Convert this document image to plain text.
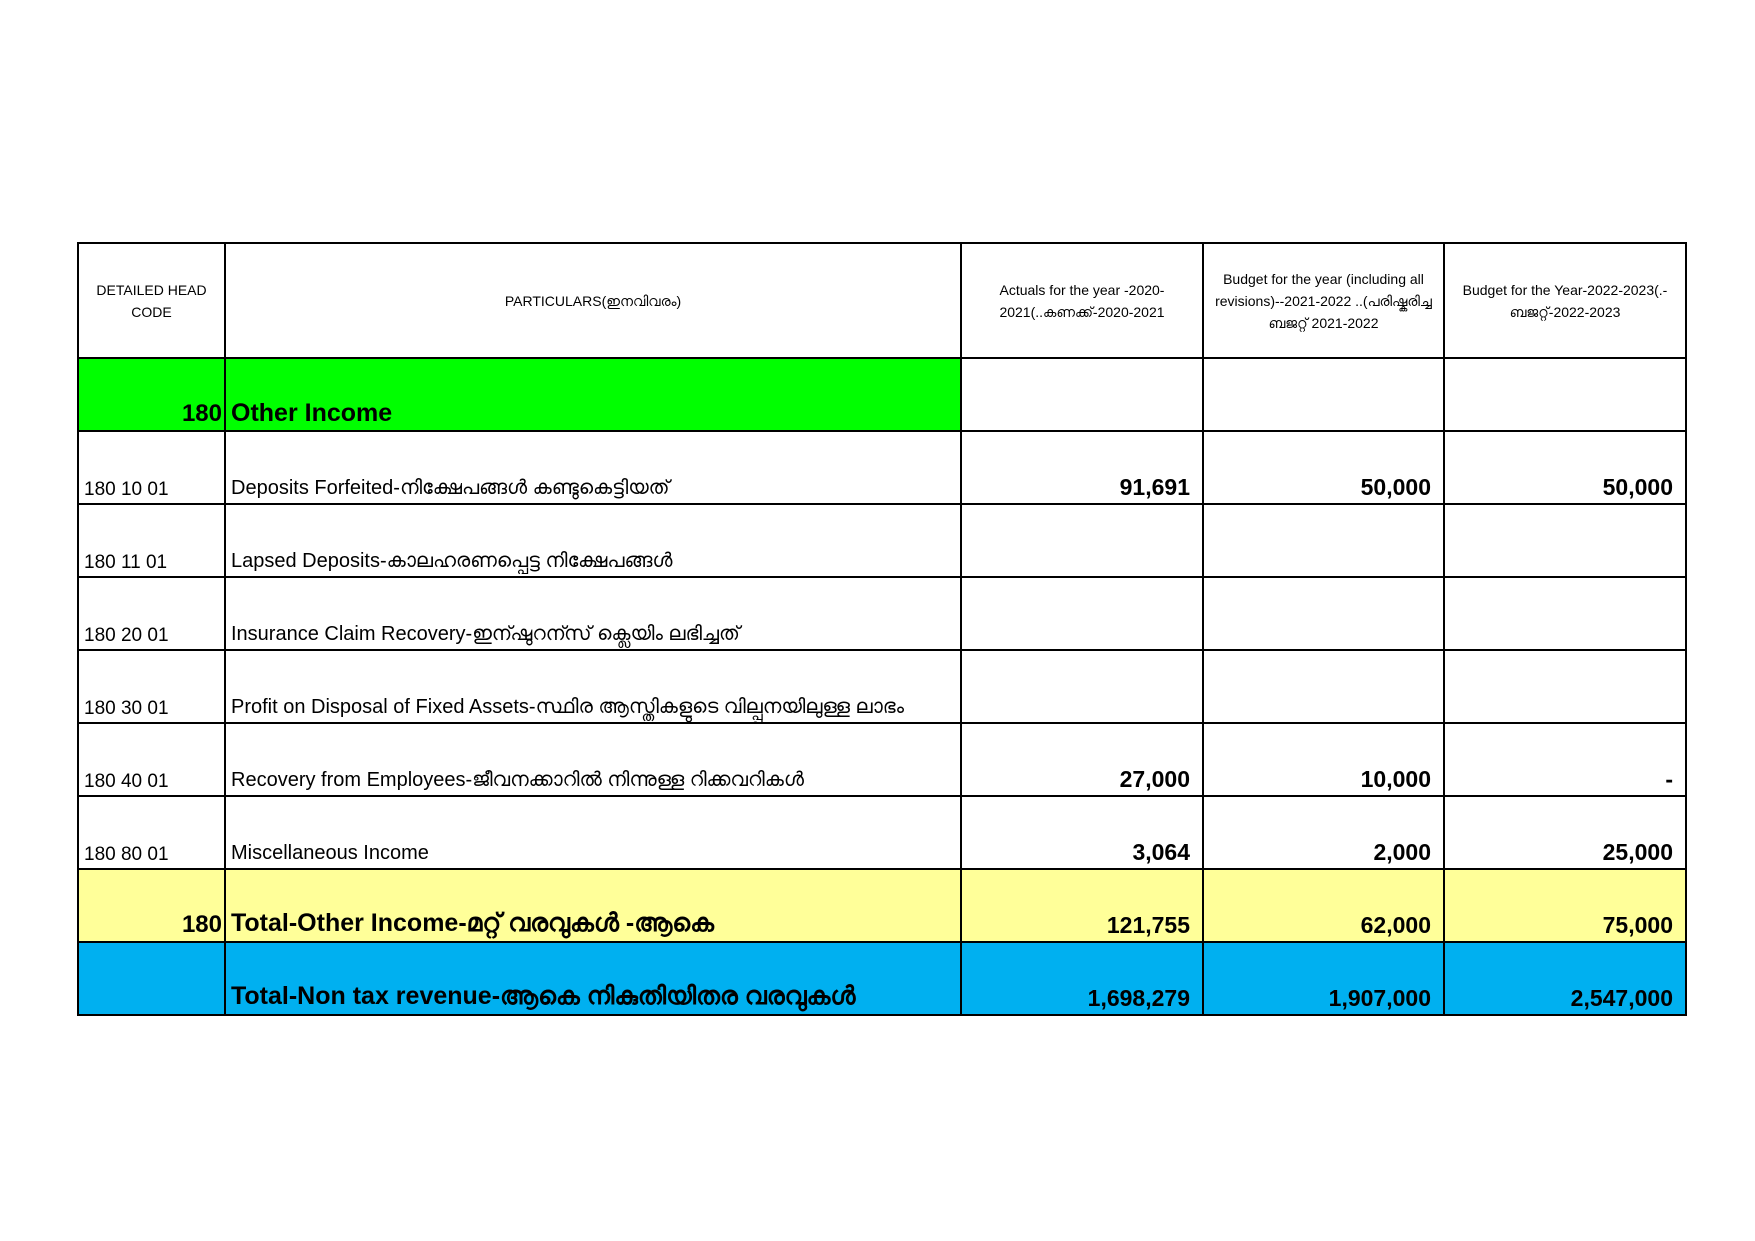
DETAILED HEAD CODE	PARTICULARS(ഇനവിവരം)	Actuals for the year -2020-2021(..കണക്ക്-2020-2021	Budget for the year (including all revisions)--2021-2022 ..(പരിഷ്കരിച്ച ബജറ്റ് 2021-2022	Budget for the Year-2022-2023(.-ബജറ്റ്-2022-2023
180	Other Income			
180 10 01	Deposits Forfeited-നിക്ഷേപങ്ങൾ കണ്ടുകെട്ടിയത്	91,691	50,000	50,000
180 11 01	Lapsed Deposits-കാലഹരണപ്പെട്ട നിക്ഷേപങ്ങൾ			
180 20 01	Insurance Claim Recovery-ഇന്ഷുറന്സ് ക്ലെയിം ലഭിച്ചത്			
180 30 01	Profit on Disposal of Fixed Assets-സ്ഥിര ആസ്തികളുടെ വില്പ്പനയിലുള്ള ലാഭം			
180 40 01	Recovery from Employees-ജീവനക്കാറിൽ നിന്നുള്ള റിക്കവറികൾ	27,000	10,000	-
180 80 01	Miscellaneous Income	3,064	2,000	25,000
180	Total-Other Income-മറ്റ് വരവുകൾ -ആകെ	121,755	62,000	75,000
	Total-Non tax revenue-ആകെ നികുതിയിതര വരവുകൾ	1,698,279	1,907,000	2,547,000
